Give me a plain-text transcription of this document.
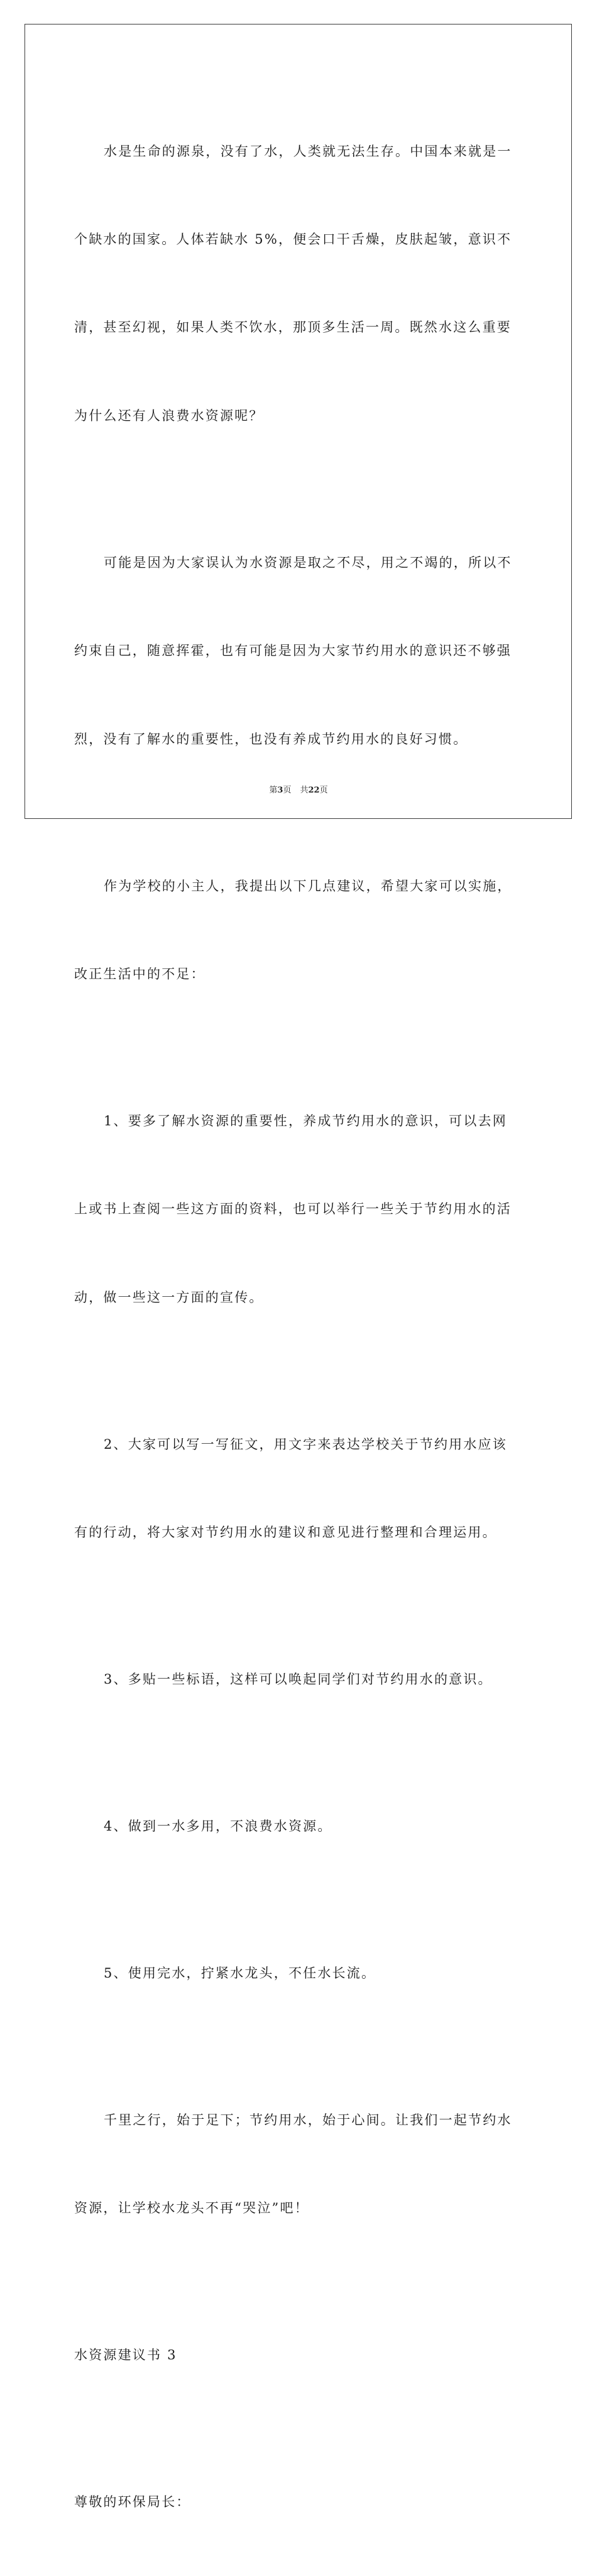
水是生命的源泉，没有了水，人类就无法生存。中国本来就是一

个缺水的国家。人体若缺水 5%，便会口干舌燥，皮肤起皱，意识不

清，甚至幻视，如果人类不饮水，那顶多生活一周。既然水这么重要

为什么还有人浪费水资源呢？

可能是因为大家误认为水资源是取之不尽，用之不竭的，所以不

约束自己，随意挥霍，也有可能是因为大家节约用水的意识还不够强

烈，没有了解水的重要性，也没有养成节约用水的良好习惯。

作为学校的小主人，我提出以下几点建议，希望大家可以实施，

改正生活中的不足：

1、要多了解水资源的重要性，养成节约用水的意识，可以去网

上或书上查阅一些这方面的资料，也可以举行一些关于节约用水的活

动，做一些这一方面的宣传。

2、大家可以写一写征文，用文字来表达学校关于节约用水应该

有的行动，将大家对节约用水的建议和意见进行整理和合理运用。

3、多贴一些标语，这样可以唤起同学们对节约用水的意识。

4、做到一水多用，不浪费水资源。

5、使用完水，拧紧水龙头，不任水长流。

千里之行，始于足下；节约用水，始于心间。让我们一起节约水

资源，让学校水龙头不再“哭泣”吧！

水资源建议书 3

尊敬的环保局长：

第3页 共22页
